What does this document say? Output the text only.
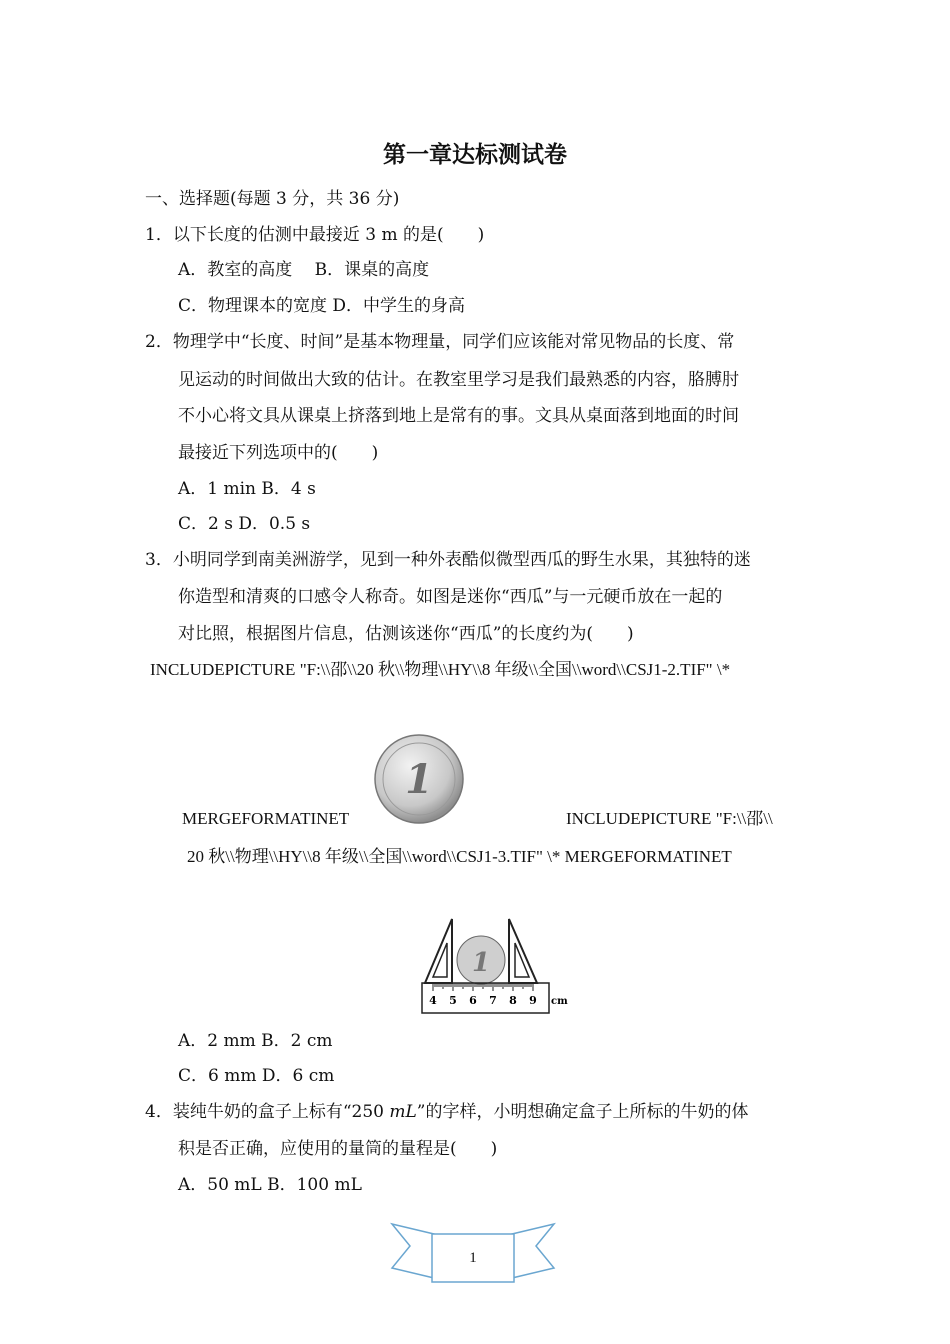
第一章达标测试卷
一、选择题(每题 3 分，共 36 分)
1．以下长度的估测中最接近 3 m 的是(　　)
A．教室的高度　 B．课桌的高度
C．物理课本的宽度 D．中学生的身高
2．物理学中“长度、时间”是基本物理量，同学们应该能对常见物品的长度、常
见运动的时间做出大致的估计。在教室里学习是我们最熟悉的内容，胳膊肘
不小心将文具从课桌上挤落到地上是常有的事。文具从桌面落到地面的时间
最接近下列选项中的(　　)
A．1 min B．4 s
C．2 s D．0.5 s
3．小明同学到南美洲游学，见到一种外表酷似微型西瓜的野生水果，其独特的迷
你造型和清爽的口感令人称奇。如图是迷你“西瓜”与一元硬币放在一起的
对比照，根据图片信息，估测该迷你“西瓜”的长度约为(　　)
INCLUDEPICTURE "F:\\邵\\20 秋\\物理\\HY\\8 年级\\全国\\word\\CSJ1-2.TIF" \*
1
MERGEFORMATINET	INCLUDEPICTURE "F:\\邵\\
20 秋\\物理\\HY\\8 年级\\全国\\word\\CSJ1-3.TIF" \* MERGEFORMATINET
1
4 5 6 7 8 9 cm
A．2 mm B．2 cm
C．6 mm D．6 cm
4．装纯牛奶的盒子上标有“250 mL”的字样，小明想确定盒子上所标的牛奶的体
积是否正确，应使用的量筒的量程是(　　)
A．50 mL B．100 mL
1
